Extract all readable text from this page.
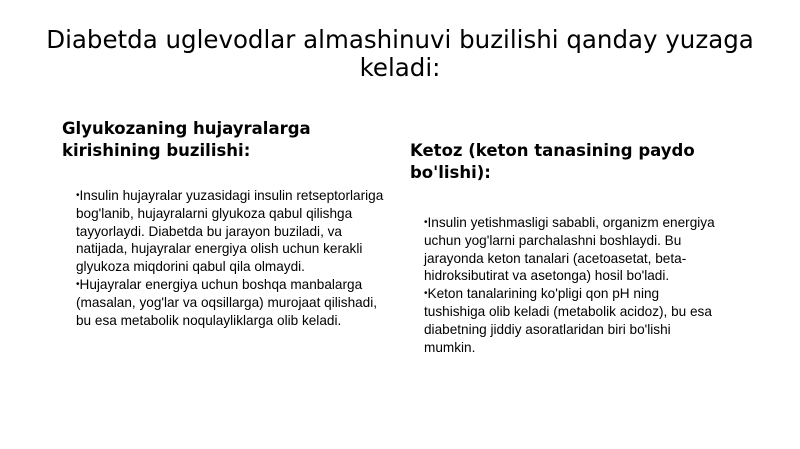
Diabetda uglevodlar almashinuvi buzilishi qanday yuzaga keladi:
Glyukozaning hujayralarga kirishining buzilishi:
•Insulin hujayralar yuzasidagi insulin retseptorlariga bog'lanib, hujayralarni glyukoza qabul qilishga tayyorlaydi. Diabetda bu jarayon buziladi, va natijada, hujayralar energiya olish uchun kerakli glyukoza miqdorini qabul qila olmaydi.
•Hujayralar energiya uchun boshqa manbalarga (masalan, yog'lar va oqsillarga) murojaat qilishadi, bu esa metabolik noqulayliklarga olib keladi.
Ketoz (keton tanasining paydo bo'lishi):
•Insulin yetishmasligi sababli, organizm energiya uchun yog'larni parchalashni boshlaydi. Bu jarayonda keton tanalari (acetoasetat, beta-hidroksibutirat va asetonga) hosil bo'ladi.
•Keton tanalarining ko'pligi qon pH ning tushishiga olib keladi (metabolik acidoz), bu esa diabetning jiddiy asoratlaridan biri bo'lishi mumkin.
